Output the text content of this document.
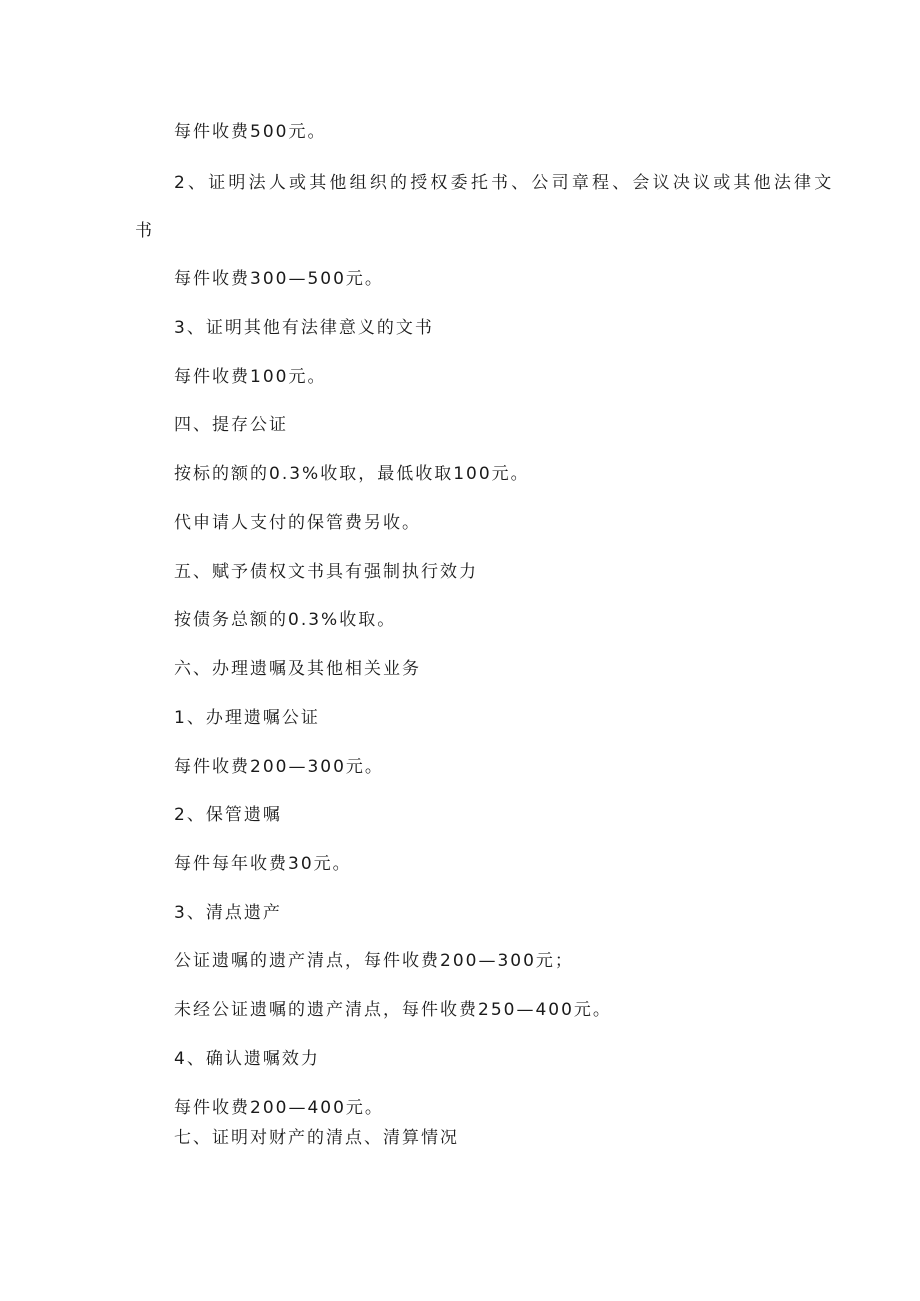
每件收费500元。
2、证明法人或其他组织的授权委托书、公司章程、会议决议或其他法律文
书
每件收费300—500元。
3、证明其他有法律意义的文书
每件收费100元。
四、提存公证
按标的额的0.3%收取，最低收取100元。
代申请人支付的保管费另收。
五、赋予债权文书具有强制执行效力
按债务总额的0.3%收取。
六、办理遗嘱及其他相关业务
1、办理遗嘱公证
每件收费200—300元。
2、保管遗嘱
每件每年收费30元。
3、清点遗产
公证遗嘱的遗产清点，每件收费200—300元；
未经公证遗嘱的遗产清点，每件收费250—400元。
4、确认遗嘱效力
每件收费200—400元。
七、证明对财产的清点、清算情况
